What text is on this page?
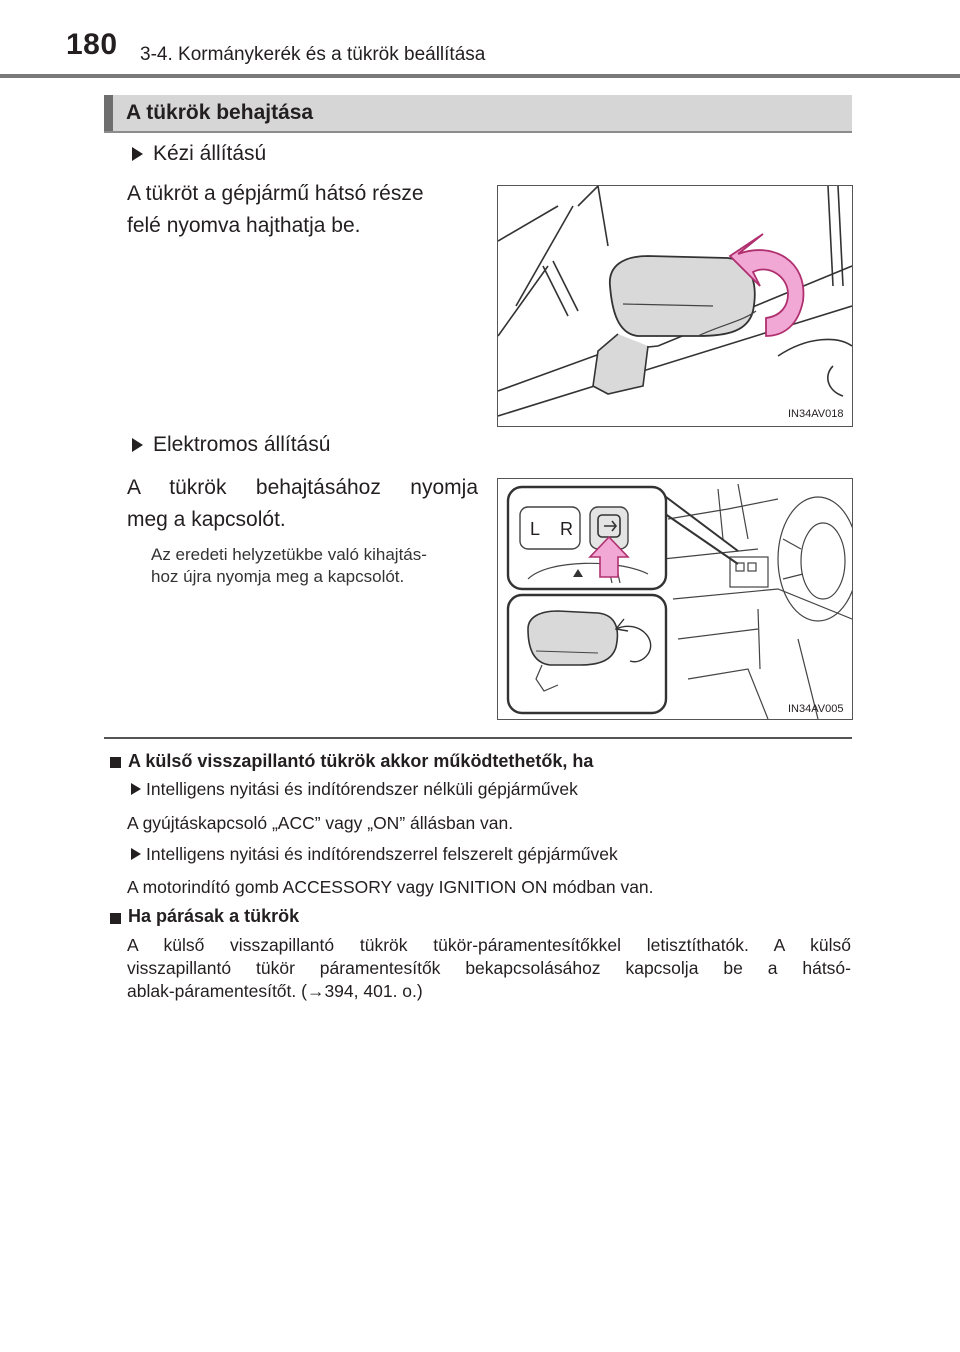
180 3-4. Kormánykerék és a tükrök beállítása
A tükrök behajtása
Kézi állítású
A tükröt a gépjármű hátsó része
felé nyomva hajthatja be.
IN34AV018
Elektromos állítású
A tükrök behajtásához nyomja
meg a kapcsolót.
Az eredeti helyzetükbe való kihajtás-
hoz újra nyomja meg a kapcsolót.
L R
IN34AV005
A külső visszapillantó tükrök akkor működtethetők, ha
Intelligens nyitási és indítórendszer nélküli gépjárművek
A gyújtáskapcsoló „ACC” vagy „ON” állásban van.
Intelligens nyitási és indítórendszerrel felszerelt gépjárművek
A motorindító gomb ACCESSORY vagy IGNITION ON módban van.
Ha párásak a tükrök
A külső visszapillantó tükrök tükör-páramentesítőkkel letisztíthatók. A külső
visszapillantó tükör páramentesítők bekapcsolásához kapcsolja be a hátsó-
ablak-páramentesítőt. (→394, 401. o.)
